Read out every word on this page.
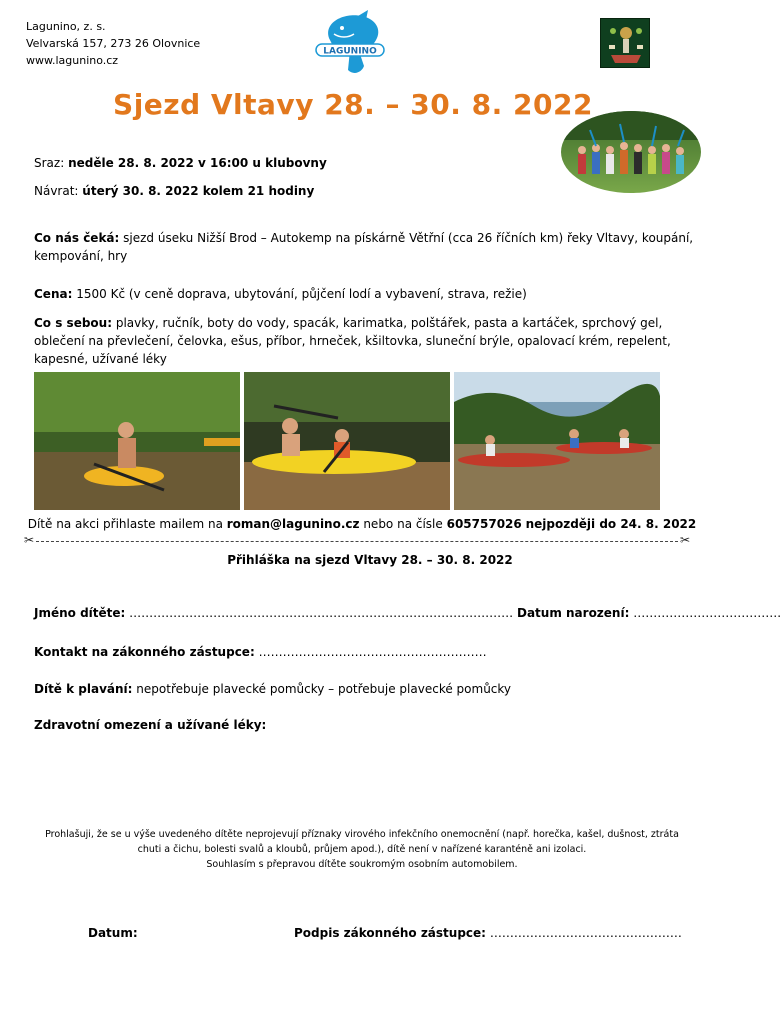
Lagunino, z. s.
Velvarská 157, 273 26 Olovnice
www.lagunino.cz
LAGUNINO
Sjezd Vltavy 28. – 30. 8. 2022
Sraz: neděle 28. 8. 2022 v 16:00 u klubovny
Návrat: úterý 30. 8. 2022 kolem 21 hodiny
Co nás čeká: sjezd úseku Nižší Brod – Autokemp na pískárně Větřní (cca 26 říčních km) řeky Vltavy, koupání, kempování, hry
Cena: 1500 Kč (v ceně doprava, ubytování, půjčení lodí a vybavení, strava, režie)
Co s sebou: plavky, ručník, boty do vody, spacák, karimatka, polštářek, pasta a kartáček, sprchový gel, oblečení na převlečení, čelovka, ešus, příbor, hrneček, kšiltovka, sluneční brýle, opalovací krém, repelent, kapesné, užívané léky
Dítě na akci přihlaste mailem na roman@lagunino.cz nebo na čísle 605757026 nejpozději do 24. 8. 2022
✂	✂
Přihláška na sjezd Vltavy 28. – 30. 8. 2022
Jméno dítěte: …………………………………………………………………………………… Datum narození: ……………………………….
Kontakt na zákonného zástupce: …………………………………………………
Dítě k plavání: nepotřebuje plavecké pomůcky – potřebuje plavecké pomůcky
Zdravotní omezení a užívané léky:
Prohlašuji, že se u výše uvedeného dítěte neprojevují příznaky virového infekčního onemocnění (např. horečka, kašel, dušnost, ztráta
chuti a čichu, bolesti svalů a kloubů, průjem apod.), dítě není v nařízené karanténě ani izolaci.
Souhlasím s přepravou dítěte soukromým osobním automobilem.
Datum:	Podpis zákonného zástupce: …………………………………………
